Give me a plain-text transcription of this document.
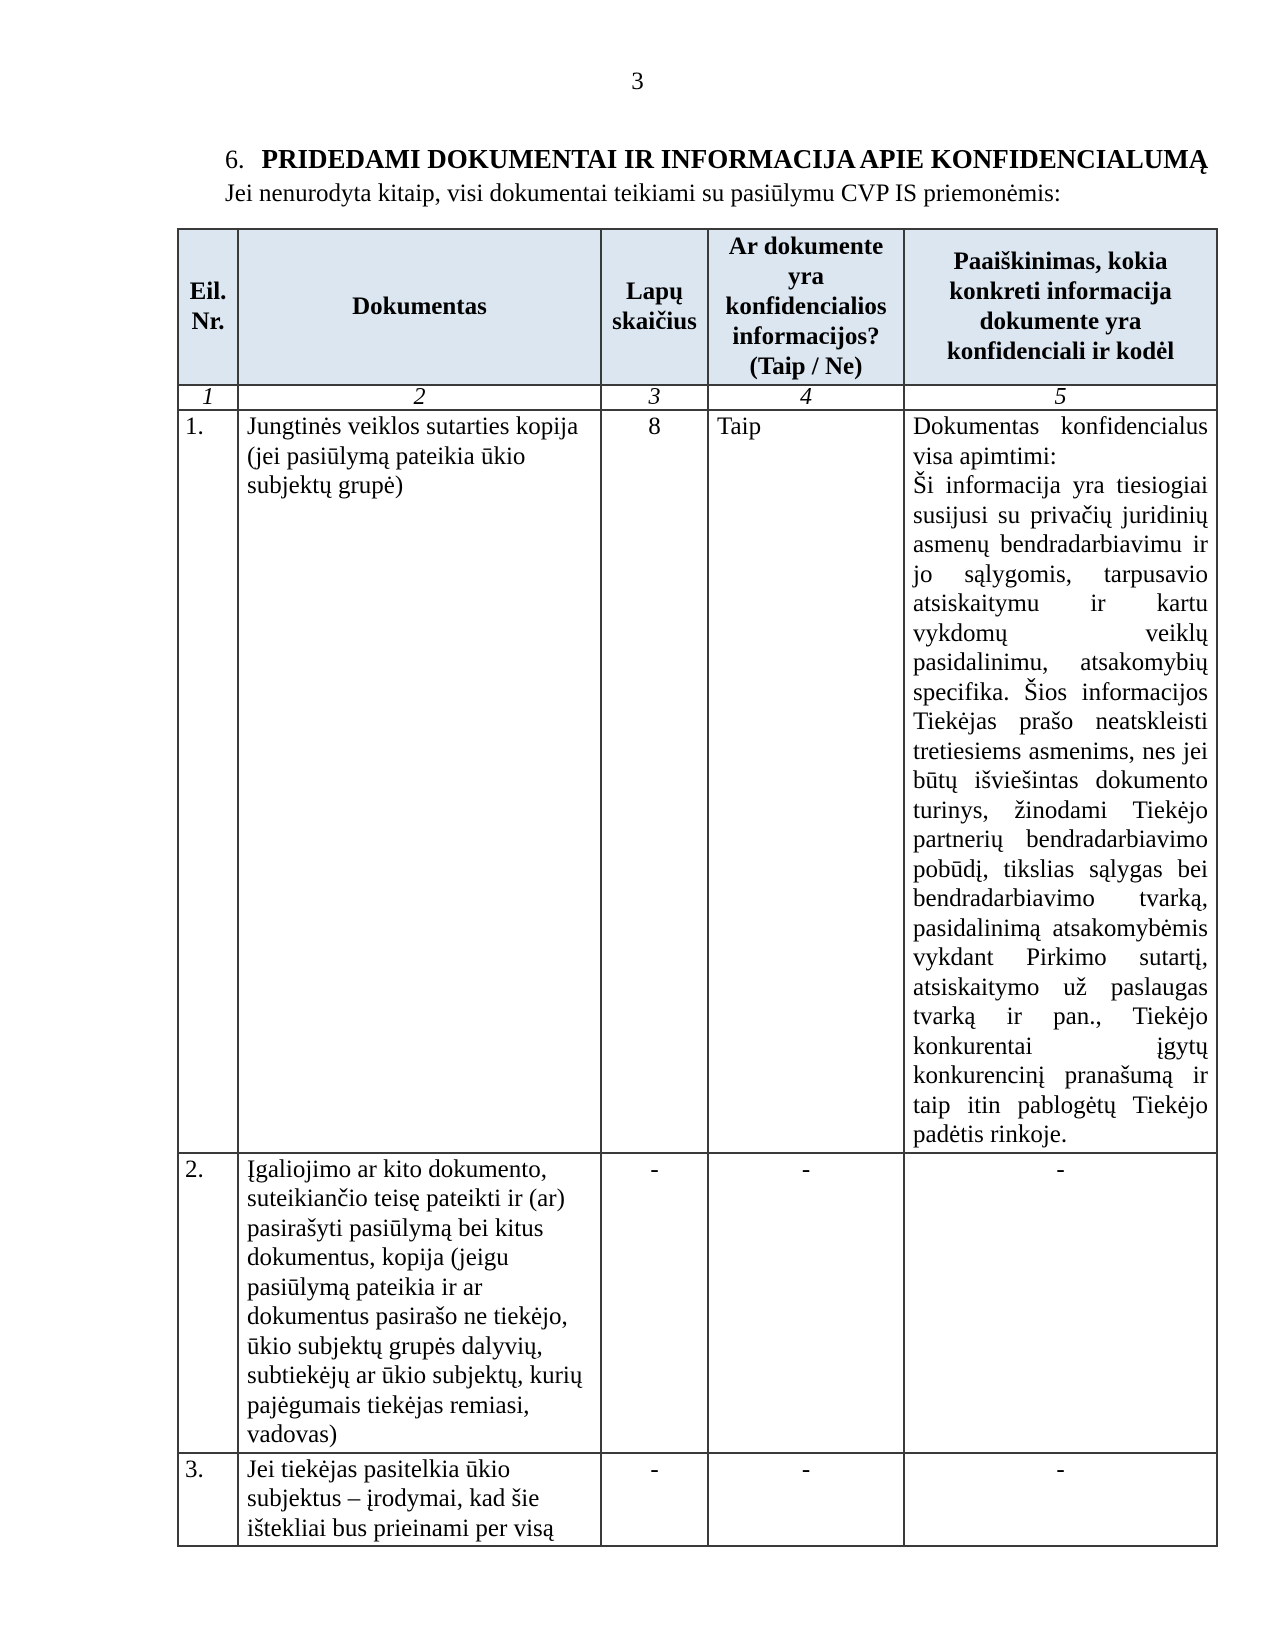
3
6. PRIDEDAMI DOKUMENTAI IR INFORMACIJA APIE KONFIDENCIALUMĄ
Jei nenurodyta kitaip, visi dokumentai teikiami su pasiūlymu CVP IS priemonėmis:
Eil. Nr.	Dokumentas	Lapų skaičius	Ar dokumente yra konfidencialios informacijos? (Taip / Ne)	Paaiškinimas, kokia konkreti informacija dokumente yra konfidenciali ir kodėl
1	2	3	4	5
1.	Jungtinės veiklos sutarties kopija (jei pasiūlymą pateikia ūkio subjektų grupė)	8	Taip	Dokumentas konfidencialus visa apimtimi:
Ši informacija yra tiesiogiai susijusi su privačių juridinių asmenų bendradarbiavimu ir jo sąlygomis, tarpusavio atsiskaitymu ir kartu vykdomų veiklų pasidalinimu, atsakomybių specifika. Šios informacijos Tiekėjas prašo neatskleisti tretiesiems asmenims, nes jei būtų išviešintas dokumento turinys, žinodami Tiekėjo partnerių bendradarbiavimo pobūdį, tikslias sąlygas bei bendradarbiavimo tvarką, pasidalinimą atsakomybėmis vykdant Pirkimo sutartį, atsiskaitymo už paslaugas tvarką ir pan., Tiekėjo konkurentai įgytų konkurencinį pranašumą ir taip itin pablogėtų Tiekėjo padėtis rinkoje.

2.	Įgaliojimo ar kito dokumento, suteikiančio teisę pateikti ir (ar) pasirašyti pasiūlymą bei kitus dokumentus, kopija (jeigu pasiūlymą pateikia ir ar dokumentus pasirašo ne tiekėjo, ūkio subjektų grupės dalyvių, subtiekėjų ar ūkio subjektų, kurių pajėgumais tiekėjas remiasi, vadovas)	-	-	-
3.	Jei tiekėjas pasitelkia ūkio subjektus – įrodymai, kad šie ištekliai bus prieinami per visą	-	-	-
